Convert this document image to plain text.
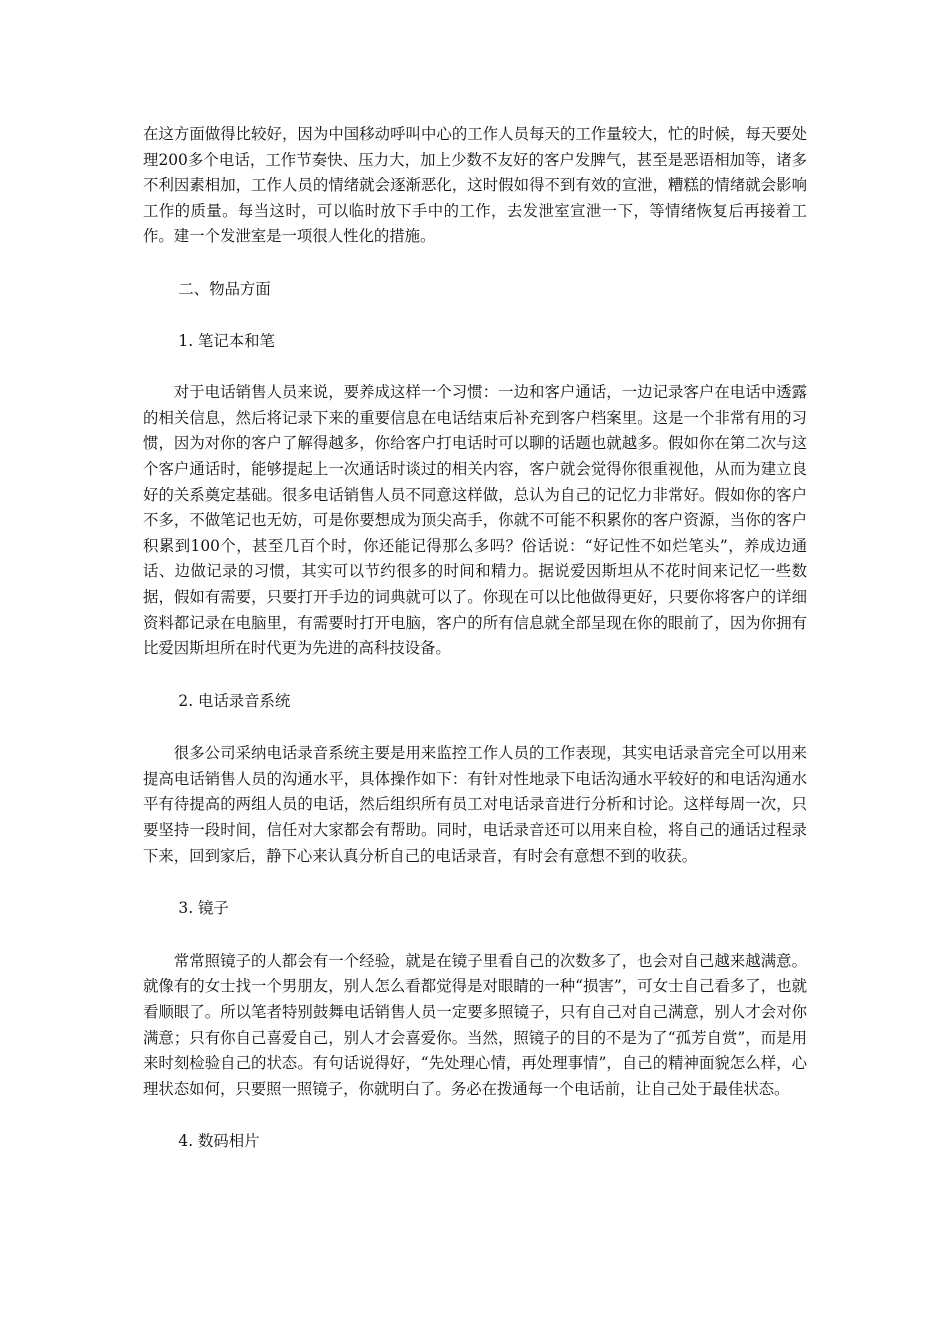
在这方面做得比较好，因为中国移动呼叫中心的工作人员每天的工作量较大，忙的时候，每天要处理200多个电话，工作节奏快、压力大，加上少数不友好的客户发脾气，甚至是恶语相加等，诸多不利因素相加，工作人员的情绪就会逐渐恶化，这时假如得不到有效的宣泄，糟糕的情绪就会影响工作的质量。每当这时，可以临时放下手中的工作，去发泄室宣泄一下，等情绪恢复后再接着工作。建一个发泄室是一项很人性化的措施。

二、物品方面

1. 笔记本和笔

对于电话销售人员来说，要养成这样一个习惯：一边和客户通话，一边记录客户在电话中透露的相关信息，然后将记录下来的重要信息在电话结束后补充到客户档案里。这是一个非常有用的习惯，因为对你的客户了解得越多，你给客户打电话时可以聊的话题也就越多。假如你在第二次与这个客户通话时，能够提起上一次通话时谈过的相关内容，客户就会觉得你很重视他，从而为建立良好的关系奠定基础。很多电话销售人员不同意这样做，总认为自己的记忆力非常好。假如你的客户不多，不做笔记也无妨，可是你要想成为顶尖高手，你就不可能不积累你的客户资源，当你的客户积累到100个，甚至几百个时，你还能记得那么多吗？俗话说：“好记性不如烂笔头”，养成边通话、边做记录的习惯，其实可以节约很多的时间和精力。据说爱因斯坦从不花时间来记忆一些数据，假如有需要，只要打开手边的词典就可以了。你现在可以比他做得更好，只要你将客户的详细资料都记录在电脑里，有需要时打开电脑，客户的所有信息就全部呈现在你的眼前了，因为你拥有比爱因斯坦所在时代更为先进的高科技设备。

2. 电话录音系统

很多公司采纳电话录音系统主要是用来监控工作人员的工作表现，其实电话录音完全可以用来提高电话销售人员的沟通水平，具体操作如下：有针对性地录下电话沟通水平较好的和电话沟通水平有待提高的两组人员的电话，然后组织所有员工对电话录音进行分析和讨论。这样每周一次，只要坚持一段时间，信任对大家都会有帮助。同时，电话录音还可以用来自检，将自己的通话过程录下来，回到家后，静下心来认真分析自己的电话录音，有时会有意想不到的收获。

3. 镜子

常常照镜子的人都会有一个经验，就是在镜子里看自己的次数多了，也会对自己越来越满意。就像有的女士找一个男朋友，别人怎么看都觉得是对眼睛的一种“损害”，可女士自己看多了，也就看顺眼了。所以笔者特别鼓舞电话销售人员一定要多照镜子，只有自己对自己满意，别人才会对你满意；只有你自己喜爱自己，别人才会喜爱你。当然，照镜子的目的不是为了“孤芳自赏”，而是用来时刻检验自己的状态。有句话说得好，“先处理心情，再处理事情”，自己的精神面貌怎么样，心理状态如何，只要照一照镜子，你就明白了。务必在拨通每一个电话前，让自己处于最佳状态。

4. 数码相片
